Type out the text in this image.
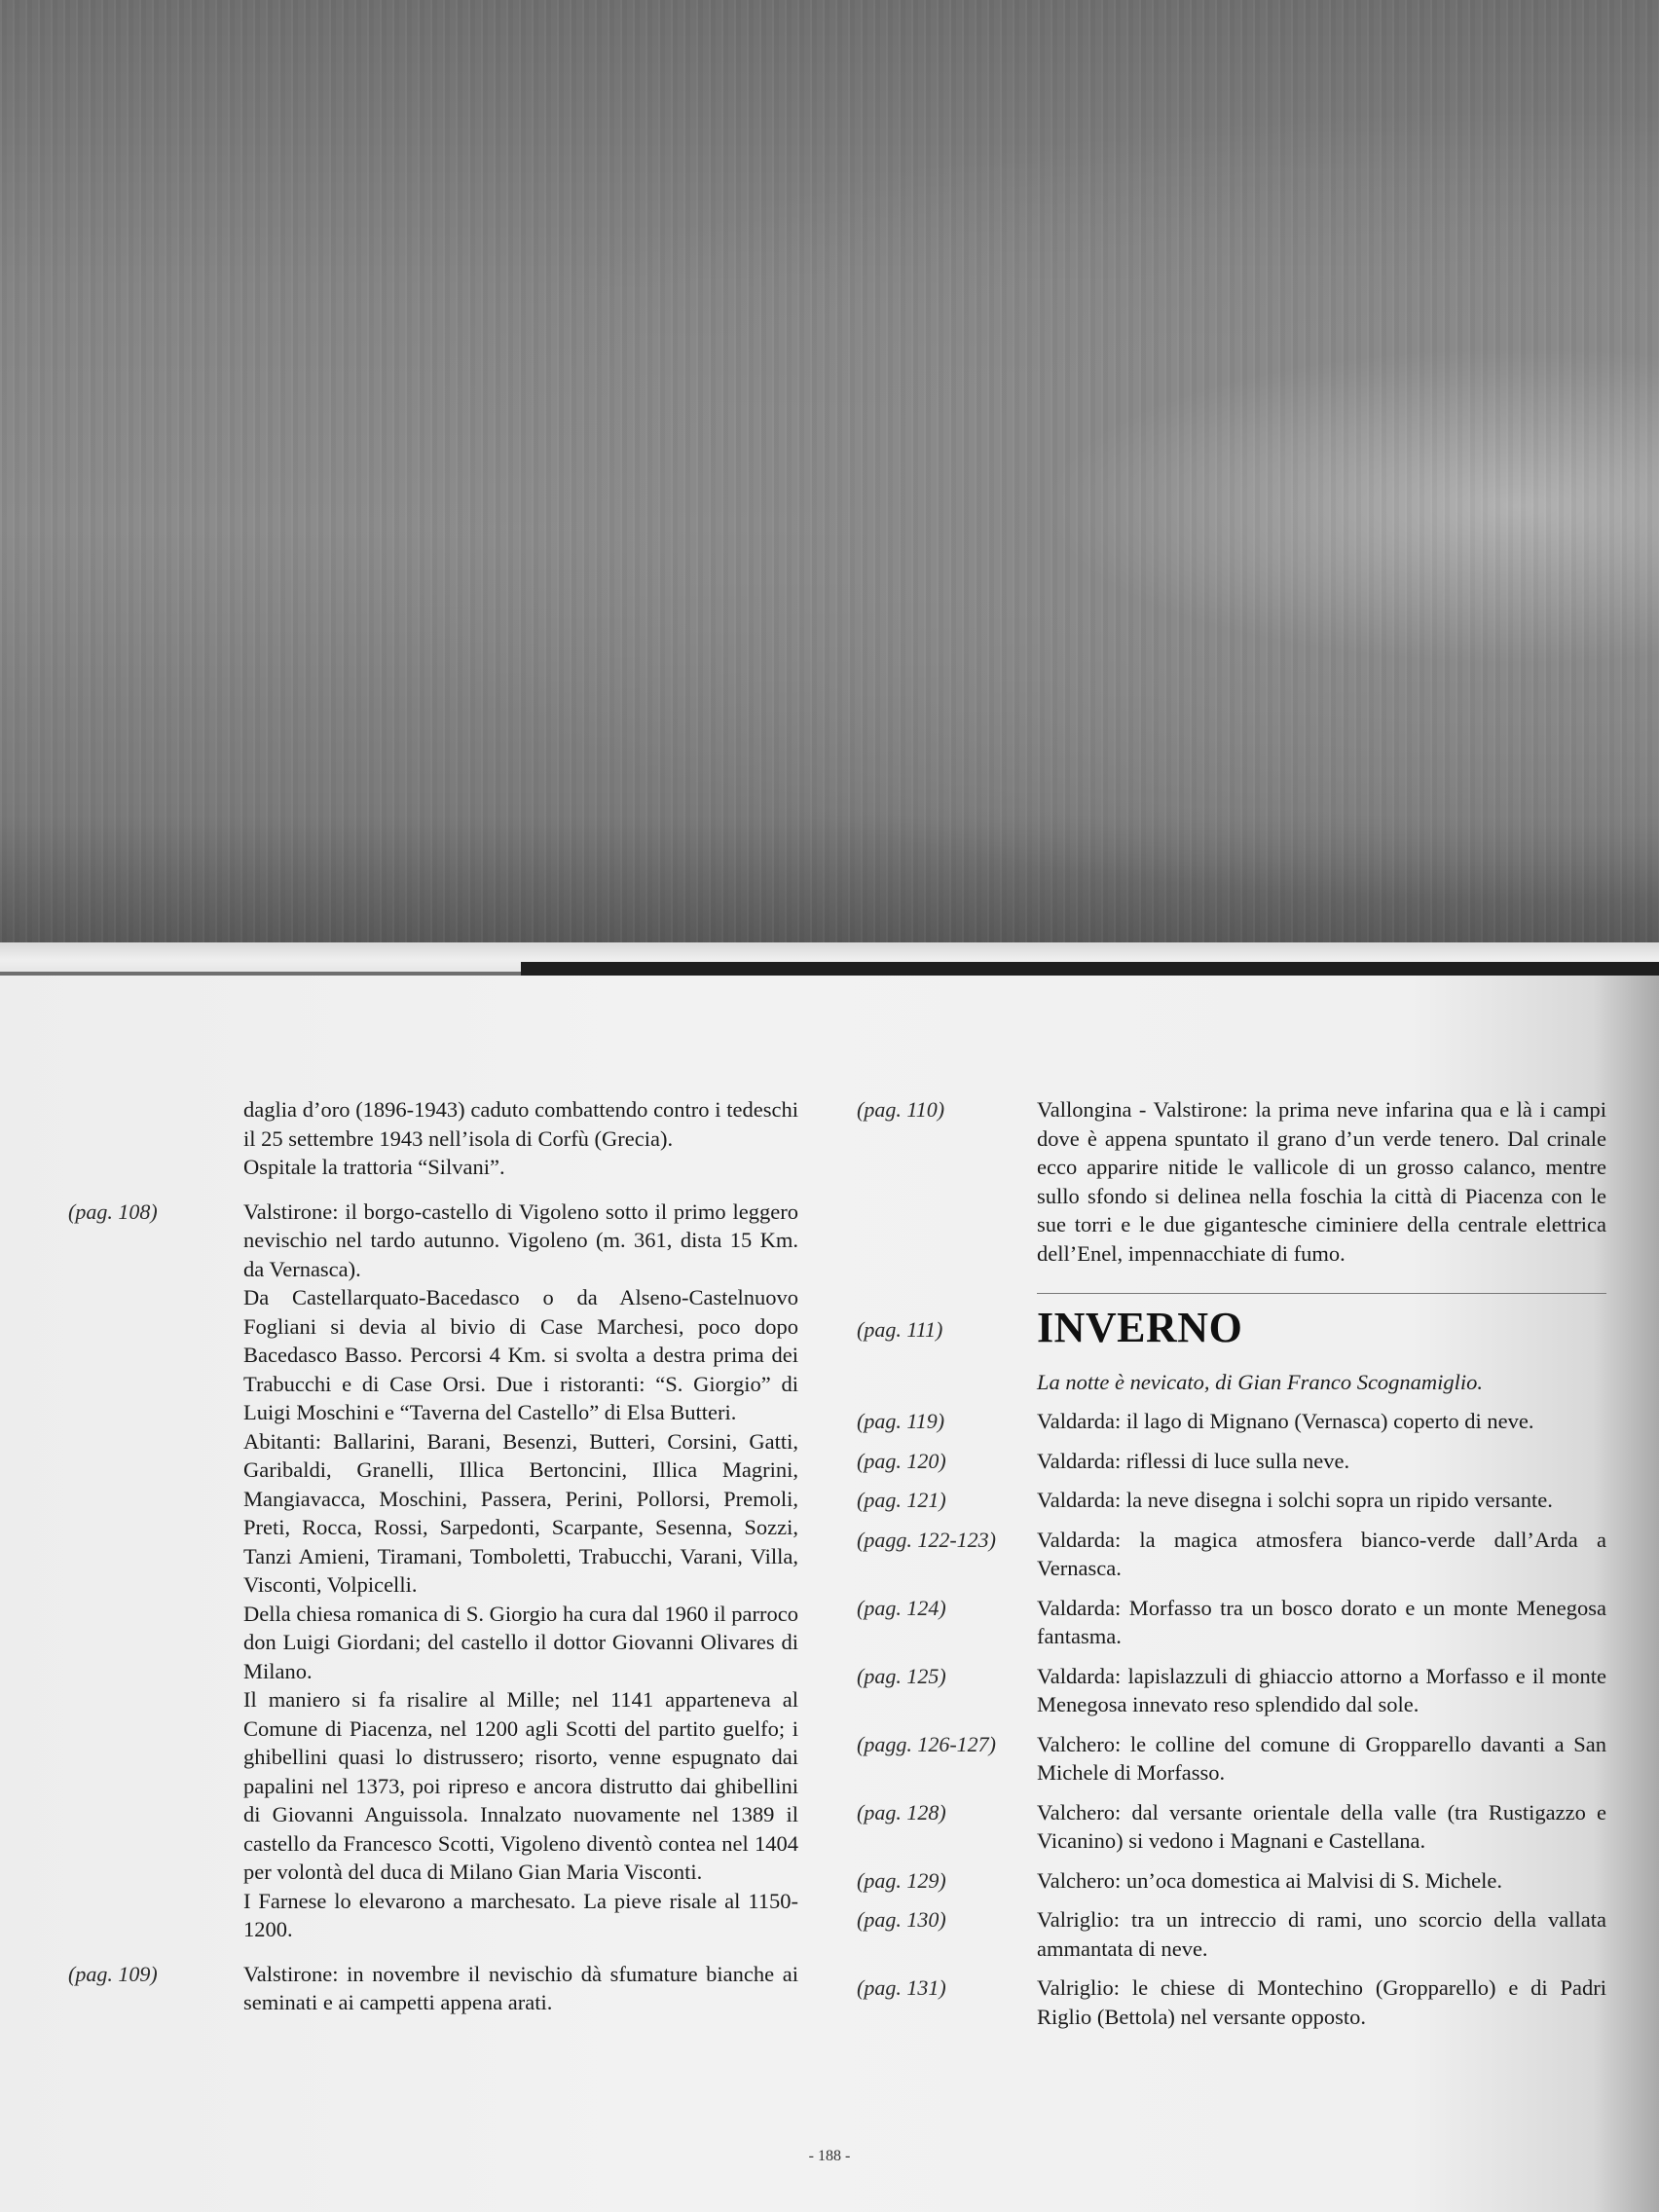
daglia d’oro (1896-1943) caduto combattendo contro i tedeschi il 25 settembre 1943 nell’isola di Corfù (Grecia).

Ospitale la trattoria “Silvani”.

(pag. 108)	Valstirone: il borgo-castello di Vigoleno sotto il primo leggero nevischio nel tardo autunno. Vigoleno (m. 361, dista 15 Km. da Vernasca).

Da Castellarquato-Bacedasco o da Alseno-Castelnuovo Fogliani si devia al bivio di Case Marchesi, poco dopo Bacedasco Basso. Percorsi 4 Km. si svolta a destra prima dei Trabucchi e di Case Orsi. Due i ristoranti: “S. Giorgio” di Luigi Moschini e “Taverna del Castello” di Elsa Butteri.

Abitanti: Ballarini, Barani, Besenzi, Butteri, Corsini, Gatti, Garibaldi, Granelli, Illica Bertoncini, Illica Magrini, Mangiavacca, Moschini, Passera, Perini, Pollorsi, Premoli, Preti, Rocca, Rossi, Sarpedonti, Scarpante, Sesenna, Sozzi, Tanzi Amieni, Tiramani, Tomboletti, Trabucchi, Varani, Villa, Visconti, Volpicelli.

Della chiesa romanica di S. Giorgio ha cura dal 1960 il parroco don Luigi Giordani; del castello il dottor Giovanni Olivares di Milano.

Il maniero si fa risalire al Mille; nel 1141 apparteneva al Comune di Piacenza, nel 1200 agli Scotti del partito guelfo; i ghibellini quasi lo distrussero; risorto, venne espugnato dai papalini nel 1373, poi ripreso e ancora distrutto dai ghibellini di Giovanni Anguissola. Innalzato nuovamente nel 1389 il castello da Francesco Scotti, Vigoleno diventò contea nel 1404 per volontà del duca di Milano Gian Maria Visconti.

I Farnese lo elevarono a marchesato. La pieve risale al 1150-1200.

(pag. 109)	Valstirone: in novembre il nevischio dà sfumature bianche ai seminati e ai campetti appena arati.

(pag. 110)	Vallongina - Valstirone: la prima neve infarina qua e là i campi dove è appena spuntato il grano d’un verde tenero. Dal crinale ecco apparire nitide le vallicole di un grosso calanco, mentre sullo sfondo si delinea nella foschia la città di Piacenza con le sue torri e le due gigantesche ciminiere della centrale elettrica dell’Enel, impennacchiate di fumo.
(pag. 111)	INVERNO
La notte è nevicato, di Gian Franco Scognamiglio.
(pag. 119)	Valdarda: il lago di Mignano (Vernasca) coperto di neve.
(pag. 120)	Valdarda: riflessi di luce sulla neve.
(pag. 121)	Valdarda: la neve disegna i solchi sopra un ripido versante.
(pagg. 122-123)	Valdarda: la magica atmosfera bianco-verde dall’Arda a Vernasca.
(pag. 124)	Valdarda: Morfasso tra un bosco dorato e un monte Menegosa fantasma.
(pag. 125)	Valdarda: lapislazzuli di ghiaccio attorno a Morfasso e il monte Menegosa innevato reso splendido dal sole.
(pagg. 126-127)	Valchero: le colline del comune di Gropparello davanti a San Michele di Morfasso.
(pag. 128)	Valchero: dal versante orientale della valle (tra Rustigazzo e Vicanino) si vedono i Magnani e Castellana.
(pag. 129)	Valchero: un’oca domestica ai Malvisi di S. Michele.
(pag. 130)	Valriglio: tra un intreccio di rami, uno scorcio della vallata ammantata di neve.
(pag. 131)	Valriglio: le chiese di Montechino (Gropparello) e di Padri Riglio (Bettola) nel versante opposto.
- 188 -
